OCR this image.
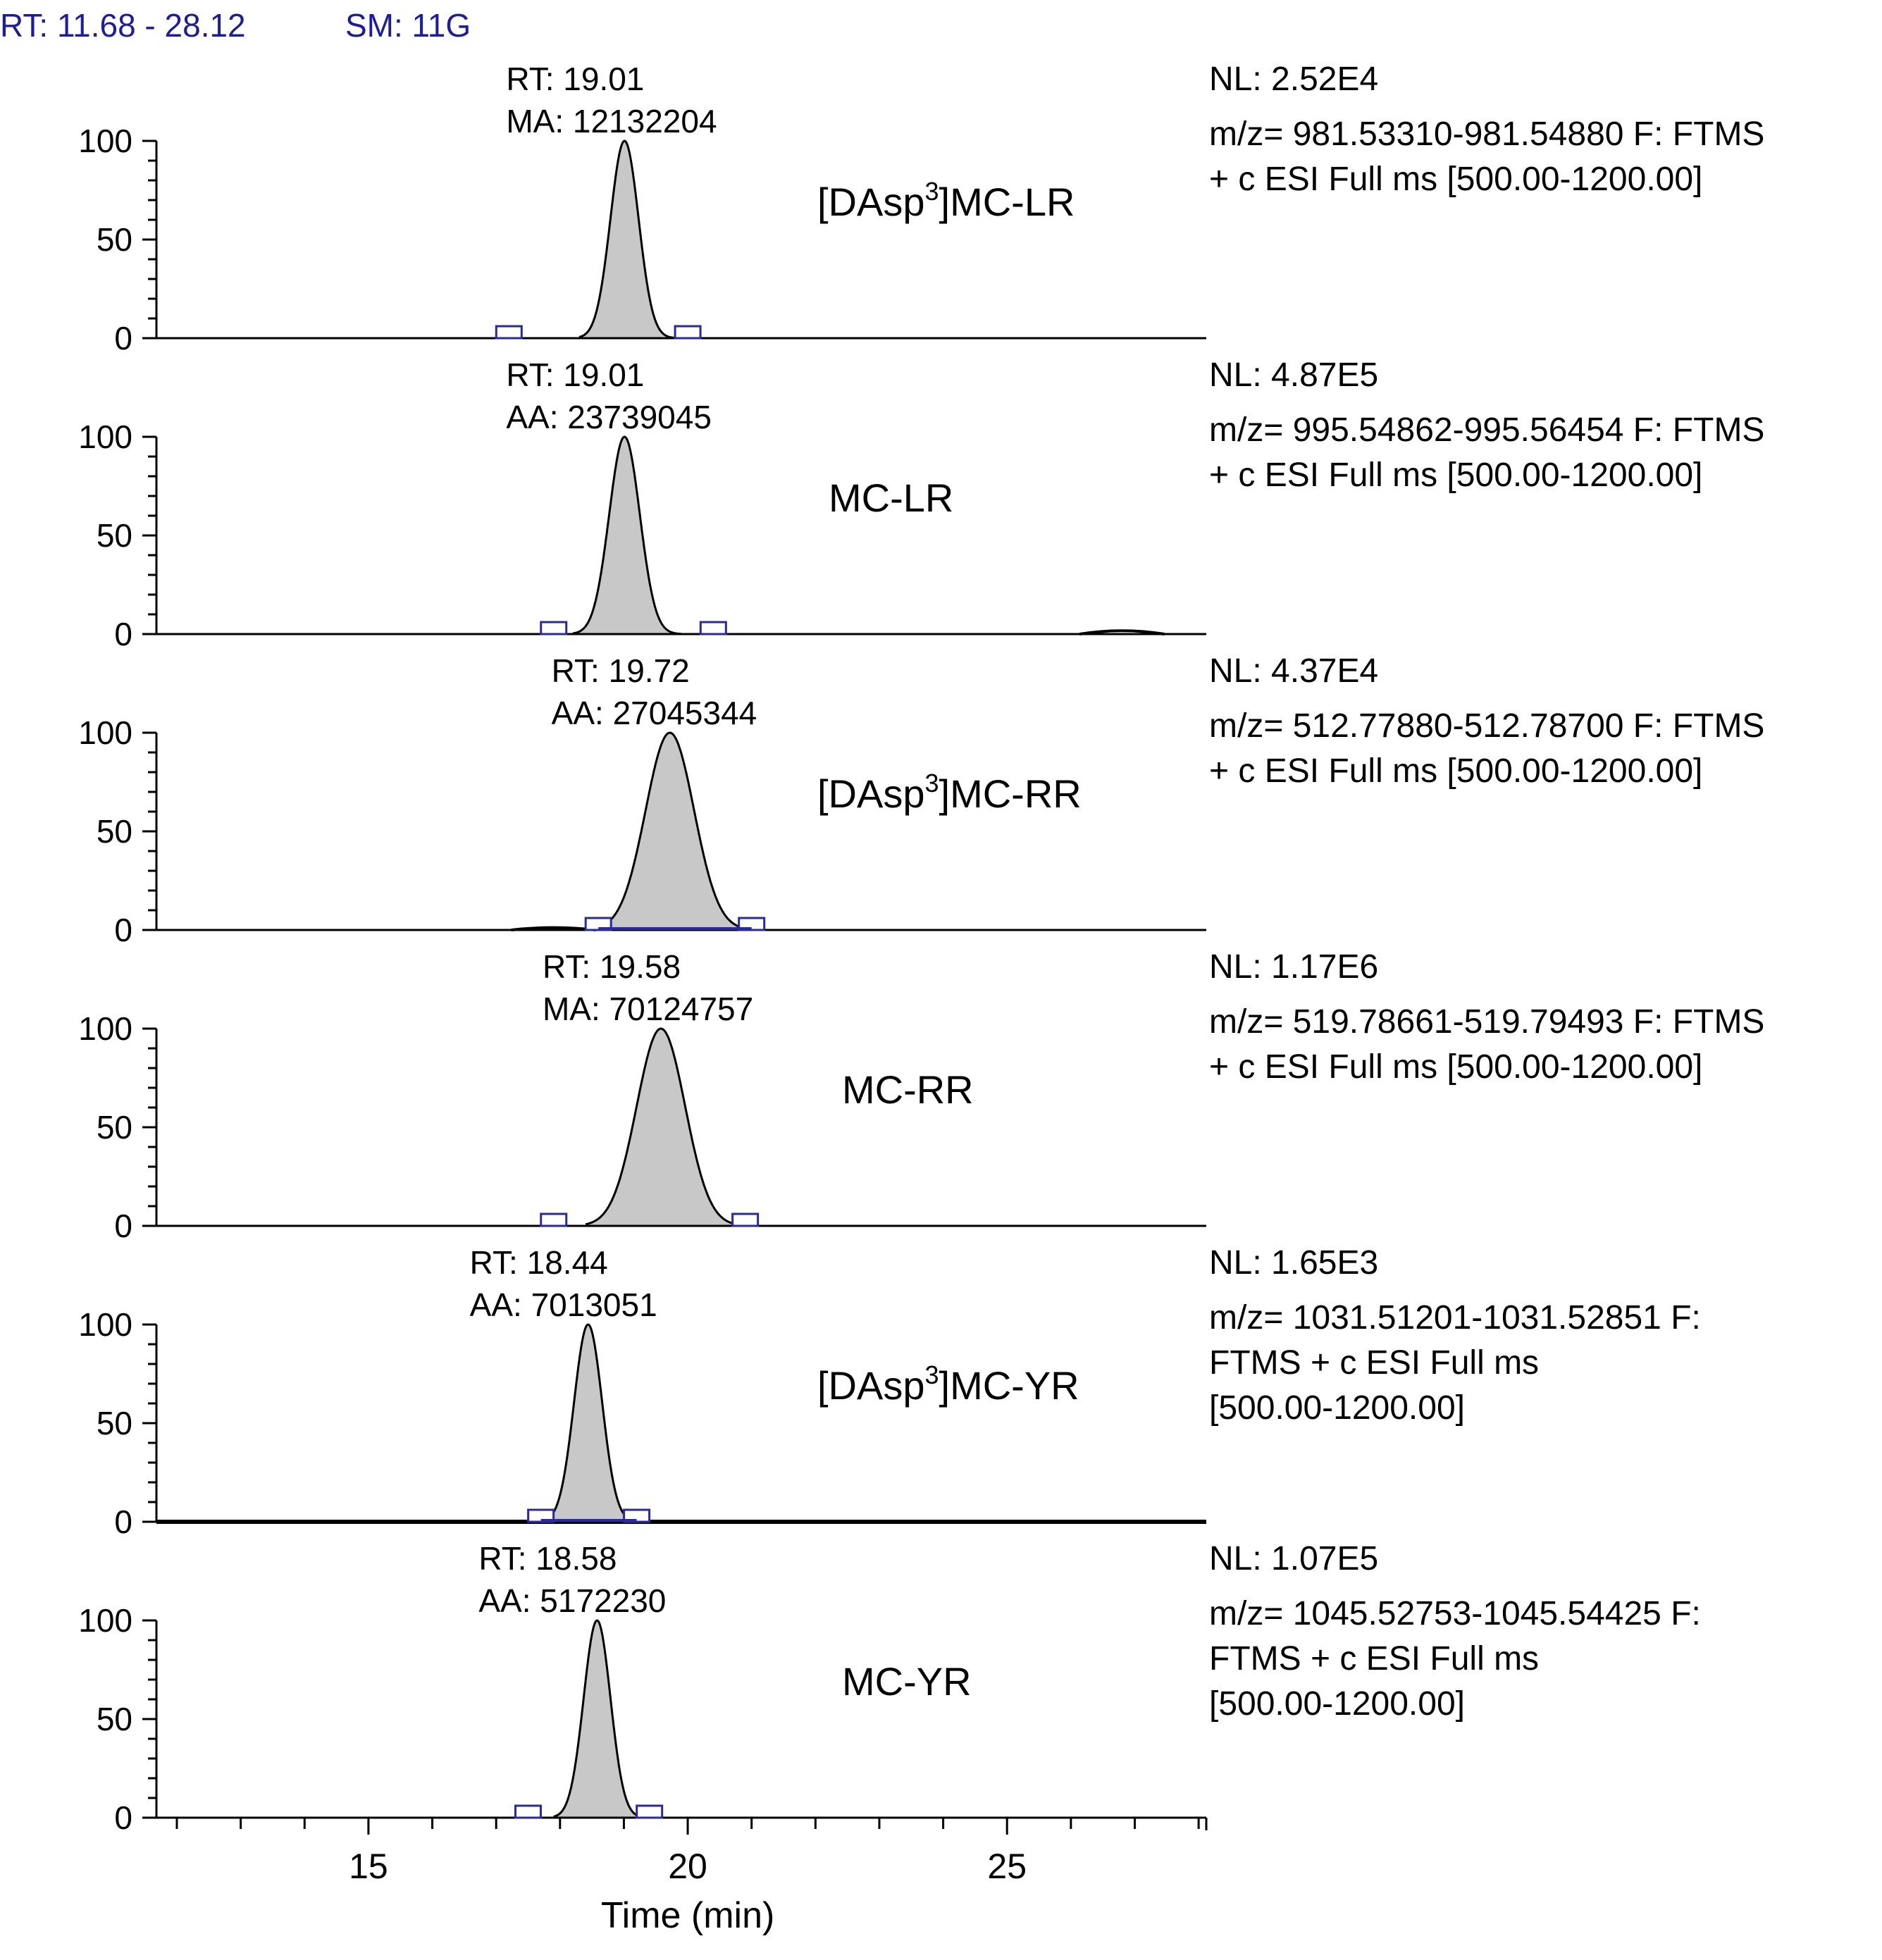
RT: 11.68 - 28.12	SM: 11G
0
50
100
RT: 19.01
MA: 12132204
[DAsp$^3$]MC-LR
NL: 2.52E4
m/z= 981.53310-981.54880 F: FTMS
+ c ESI Full ms [500.00-1200.00]
0
50
100
RT: 19.01
AA: 23739045
MC-LR
NL: 4.87E5
m/z= 995.54862-995.56454 F: FTMS
+ c ESI Full ms [500.00-1200.00]
0
50
100
RT: 19.72
AA: 27045344
[DAsp$^3$]MC-RR
NL: 4.37E4
m/z= 512.77880-512.78700 F: FTMS
+ c ESI Full ms [500.00-1200.00]
0
50
100
RT: 19.58
MA: 70124757
MC-RR
NL: 1.17E6
m/z= 519.78661-519.79493 F: FTMS
+ c ESI Full ms [500.00-1200.00]
0
50
100
RT: 18.44
AA: 7013051
[DAsp$^3$]MC-YR
NL: 1.65E3
m/z= 1031.51201-1031.52851 F:
FTMS + c ESI Full ms
[500.00-1200.00]
0
50
100
RT: 18.58
AA: 5172230
MC-YR
NL: 1.07E5
m/z= 1045.52753-1045.54425 F:
FTMS + c ESI Full ms
[500.00-1200.00]
15	20	25
Time (min)
